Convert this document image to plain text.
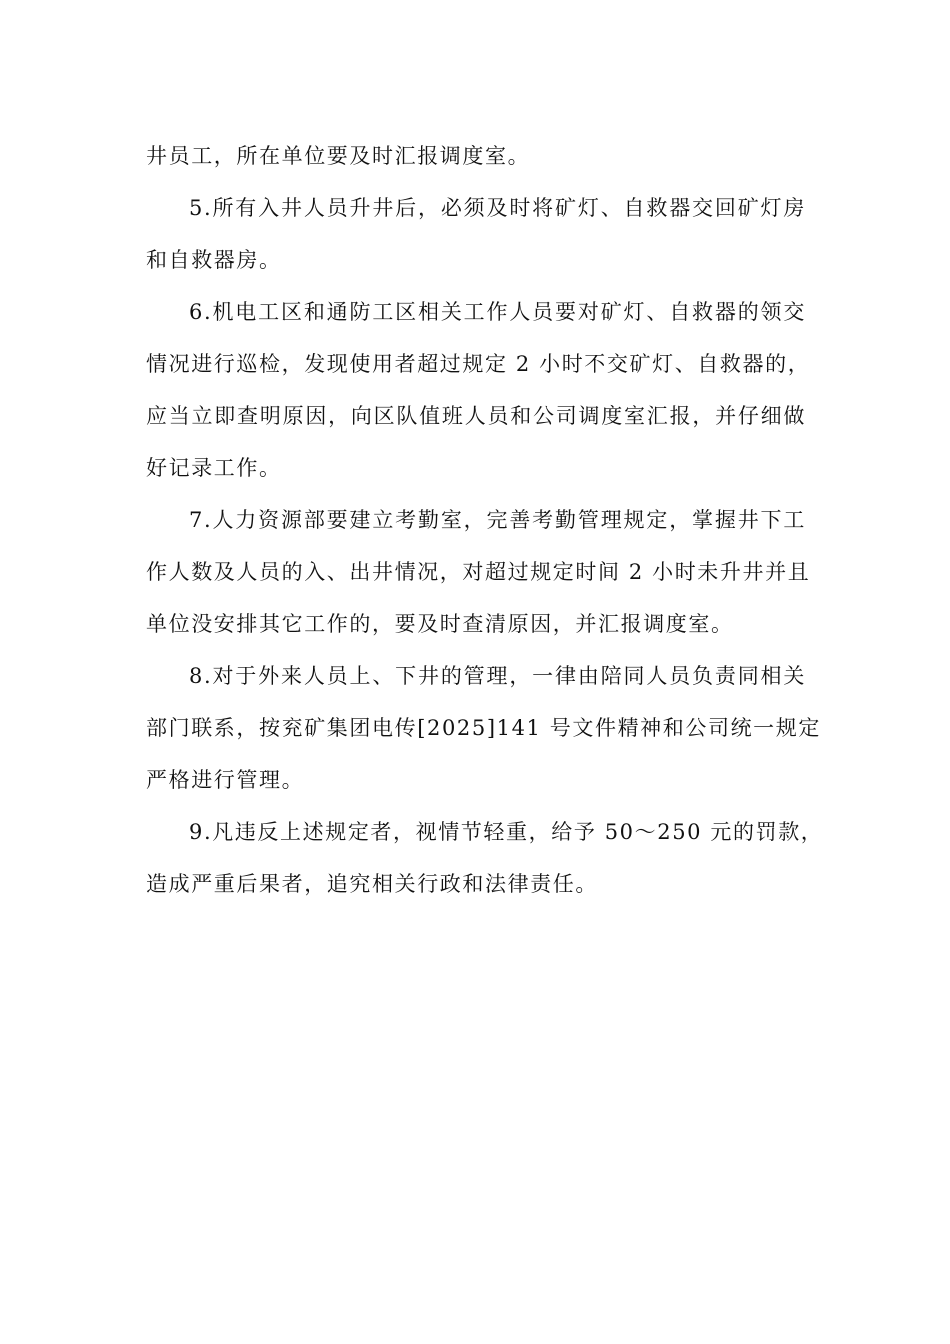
井员工，所在单位要及时汇报调度室。
5.所有入井人员升井后，必须及时将矿灯、自救器交回矿灯房
和自救器房。
6.机电工区和通防工区相关工作人员要对矿灯、自救器的领交
情况进行巡检，发现使用者超过规定 2 小时不交矿灯、自救器的，
应当立即查明原因，向区队值班人员和公司调度室汇报，并仔细做
好记录工作。
7.人力资源部要建立考勤室，完善考勤管理规定，掌握井下工
作人数及人员的入、出井情况，对超过规定时间 2 小时未升井并且
单位没安排其它工作的，要及时查清原因，并汇报调度室。
8.对于外来人员上、下井的管理，一律由陪同人员负责同相关
部门联系，按兖矿集团电传[2025]141 号文件精神和公司统一规定
严格进行管理。
9.凡违反上述规定者，视情节轻重，给予 50～250 元的罚款，
造成严重后果者，追究相关行政和法律责任。
